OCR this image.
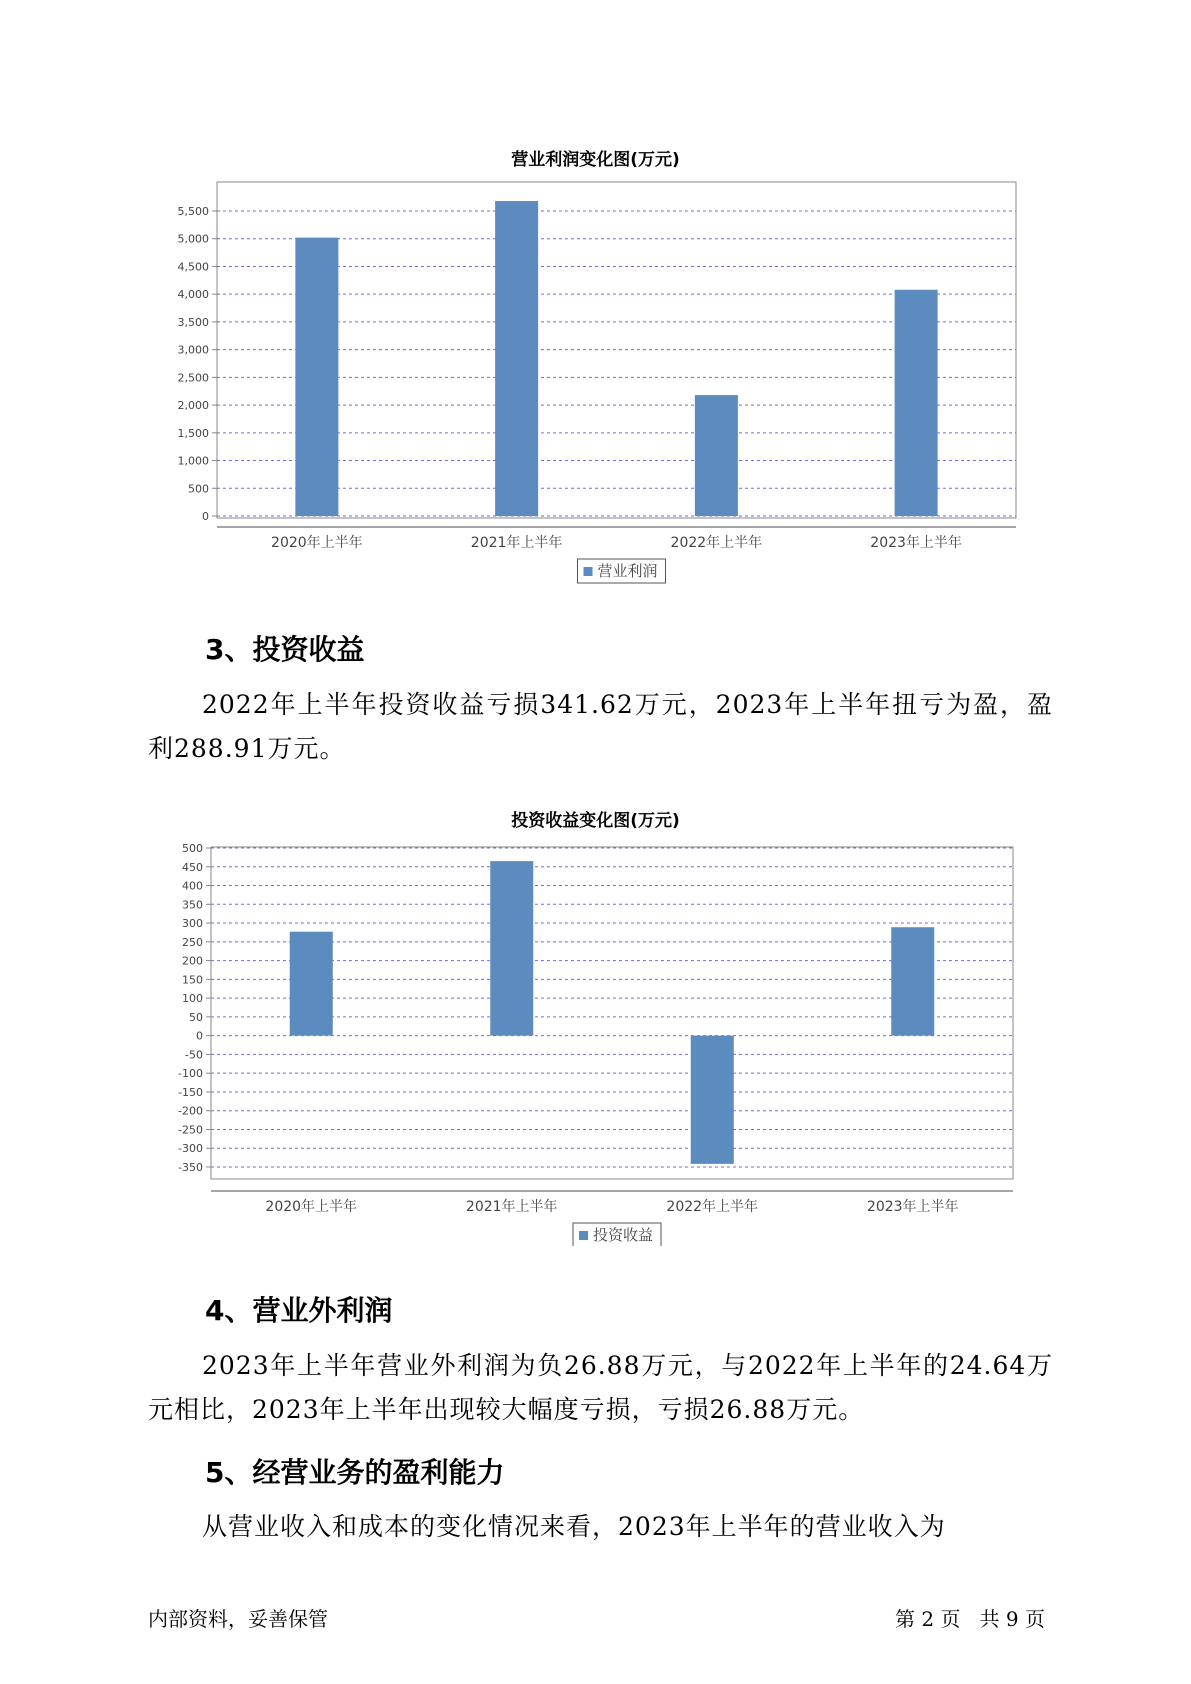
营业利润变化图(万元)
0
500
1,000
1,500
2,000
2,500
3,000
3,500
4,000
4,500
5,000
5,500
2020年上半年	2021年上半年	2022年上半年	2023年上半年
营业利润
3、投资收益
2022年上半年投资收益亏损341.62万元，2023年上半年扭亏为盈，盈利288.91万元。
投资收益变化图(万元)
-350
-300
-250
-200
-150
-100
-50
0
50
100
150
200
250
300
350
400
450
500
2020年上半年	2021年上半年	2022年上半年	2023年上半年
投资收益
4、营业外利润
2023年上半年营业外利润为负26.88万元，与2022年上半年的24.64万元相比，2023年上半年出现较大幅度亏损，亏损26.88万元。
5、经营业务的盈利能力
从营业收入和成本的变化情况来看，2023年上半年的营业收入为
内部资料，妥善保管	第 2 页   共 9 页
